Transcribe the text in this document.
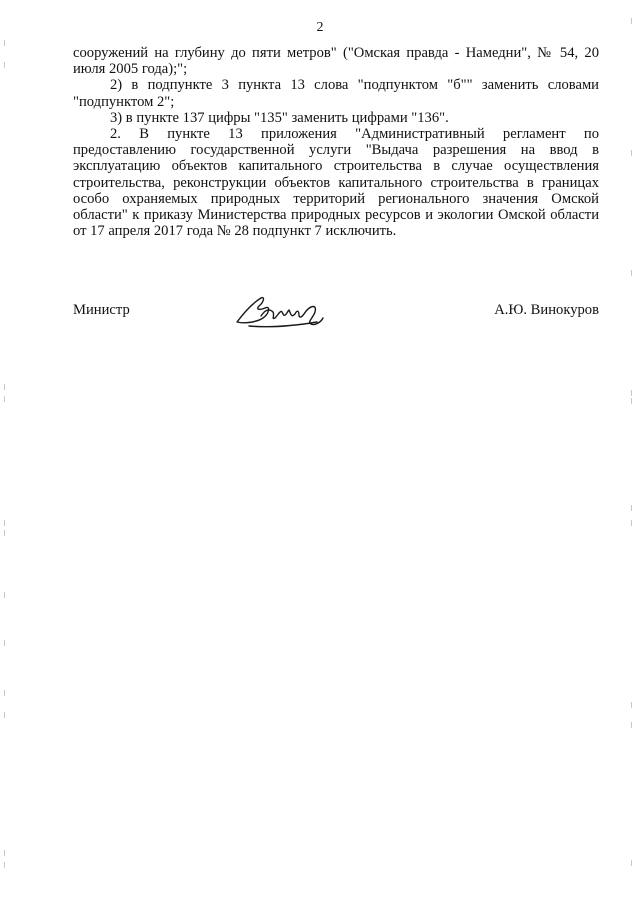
2

сооружений на глубину до пяти метров" ("Омская правда - Намедни", № 54, 20 июля 2005 года);";

2) в подпункте 3 пункта 13 слова "подпунктом "б"" заменить словами "подпунктом 2";

3) в пункте 137 цифры "135" заменить цифрами "136".

2. В пункте 13 приложения "Административный регламент по предоставлению государственной услуги "Выдача разрешения на ввод в эксплуатацию объектов капитального строительства в случае осуществления строительства, реконструкции объектов капитального строительства в границах особо охраняемых природных территорий регионального значения Омской области" к приказу Министерства природных ресурсов и экологии Омской области от 17 апреля 2017 года № 28 подпункт 7 исключить.

Министр	А.Ю. Винокуров
